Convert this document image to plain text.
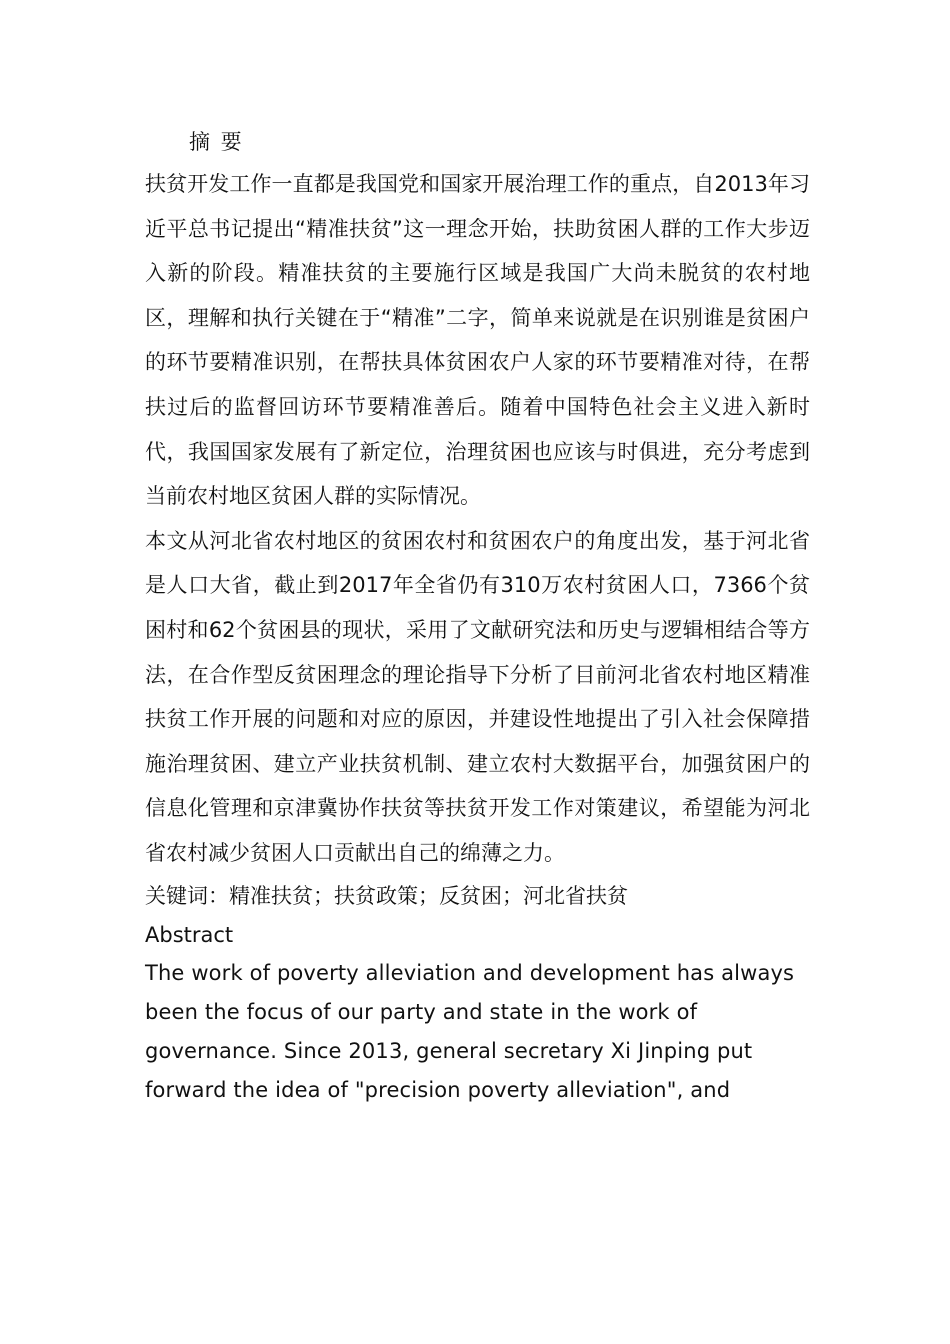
摘 要

扶贫开发工作一直都是我国党和国家开展治理工作的重点，自2013年习近平总书记提出“精准扶贫”这一理念开始，扶助贫困人群的工作大步迈入新的阶段。精准扶贫的主要施行区域是我国广大尚未脱贫的农村地区，理解和执行关键在于“精准”二字，简单来说就是在识别谁是贫困户的环节要精准识别，在帮扶具体贫困农户人家的环节要精准对待，在帮扶过后的监督回访环节要精准善后。随着中国特色社会主义进入新时代，我国国家发展有了新定位，治理贫困也应该与时俱进，充分考虑到当前农村地区贫困人群的实际情况。

本文从河北省农村地区的贫困农村和贫困农户的角度出发，基于河北省是人口大省，截止到2017年全省仍有310万农村贫困人口，7366个贫困村和62个贫困县的现状，采用了文献研究法和历史与逻辑相结合等方法，在合作型反贫困理念的理论指导下分析了目前河北省农村地区精准扶贫工作开展的问题和对应的原因，并建设性地提出了引入社会保障措施治理贫困、建立产业扶贫机制、建立农村大数据平台，加强贫困户的信息化管理和京津冀协作扶贫等扶贫开发工作对策建议，希望能为河北省农村减少贫困人口贡献出自己的绵薄之力。

关键词：精准扶贫；扶贫政策；反贫困；河北省扶贫

Abstract

The work of poverty alleviation and development has always been the focus of our party and state in the work of governance. Since 2013, general secretary Xi Jinping put forward the idea of "precision poverty alleviation", and
